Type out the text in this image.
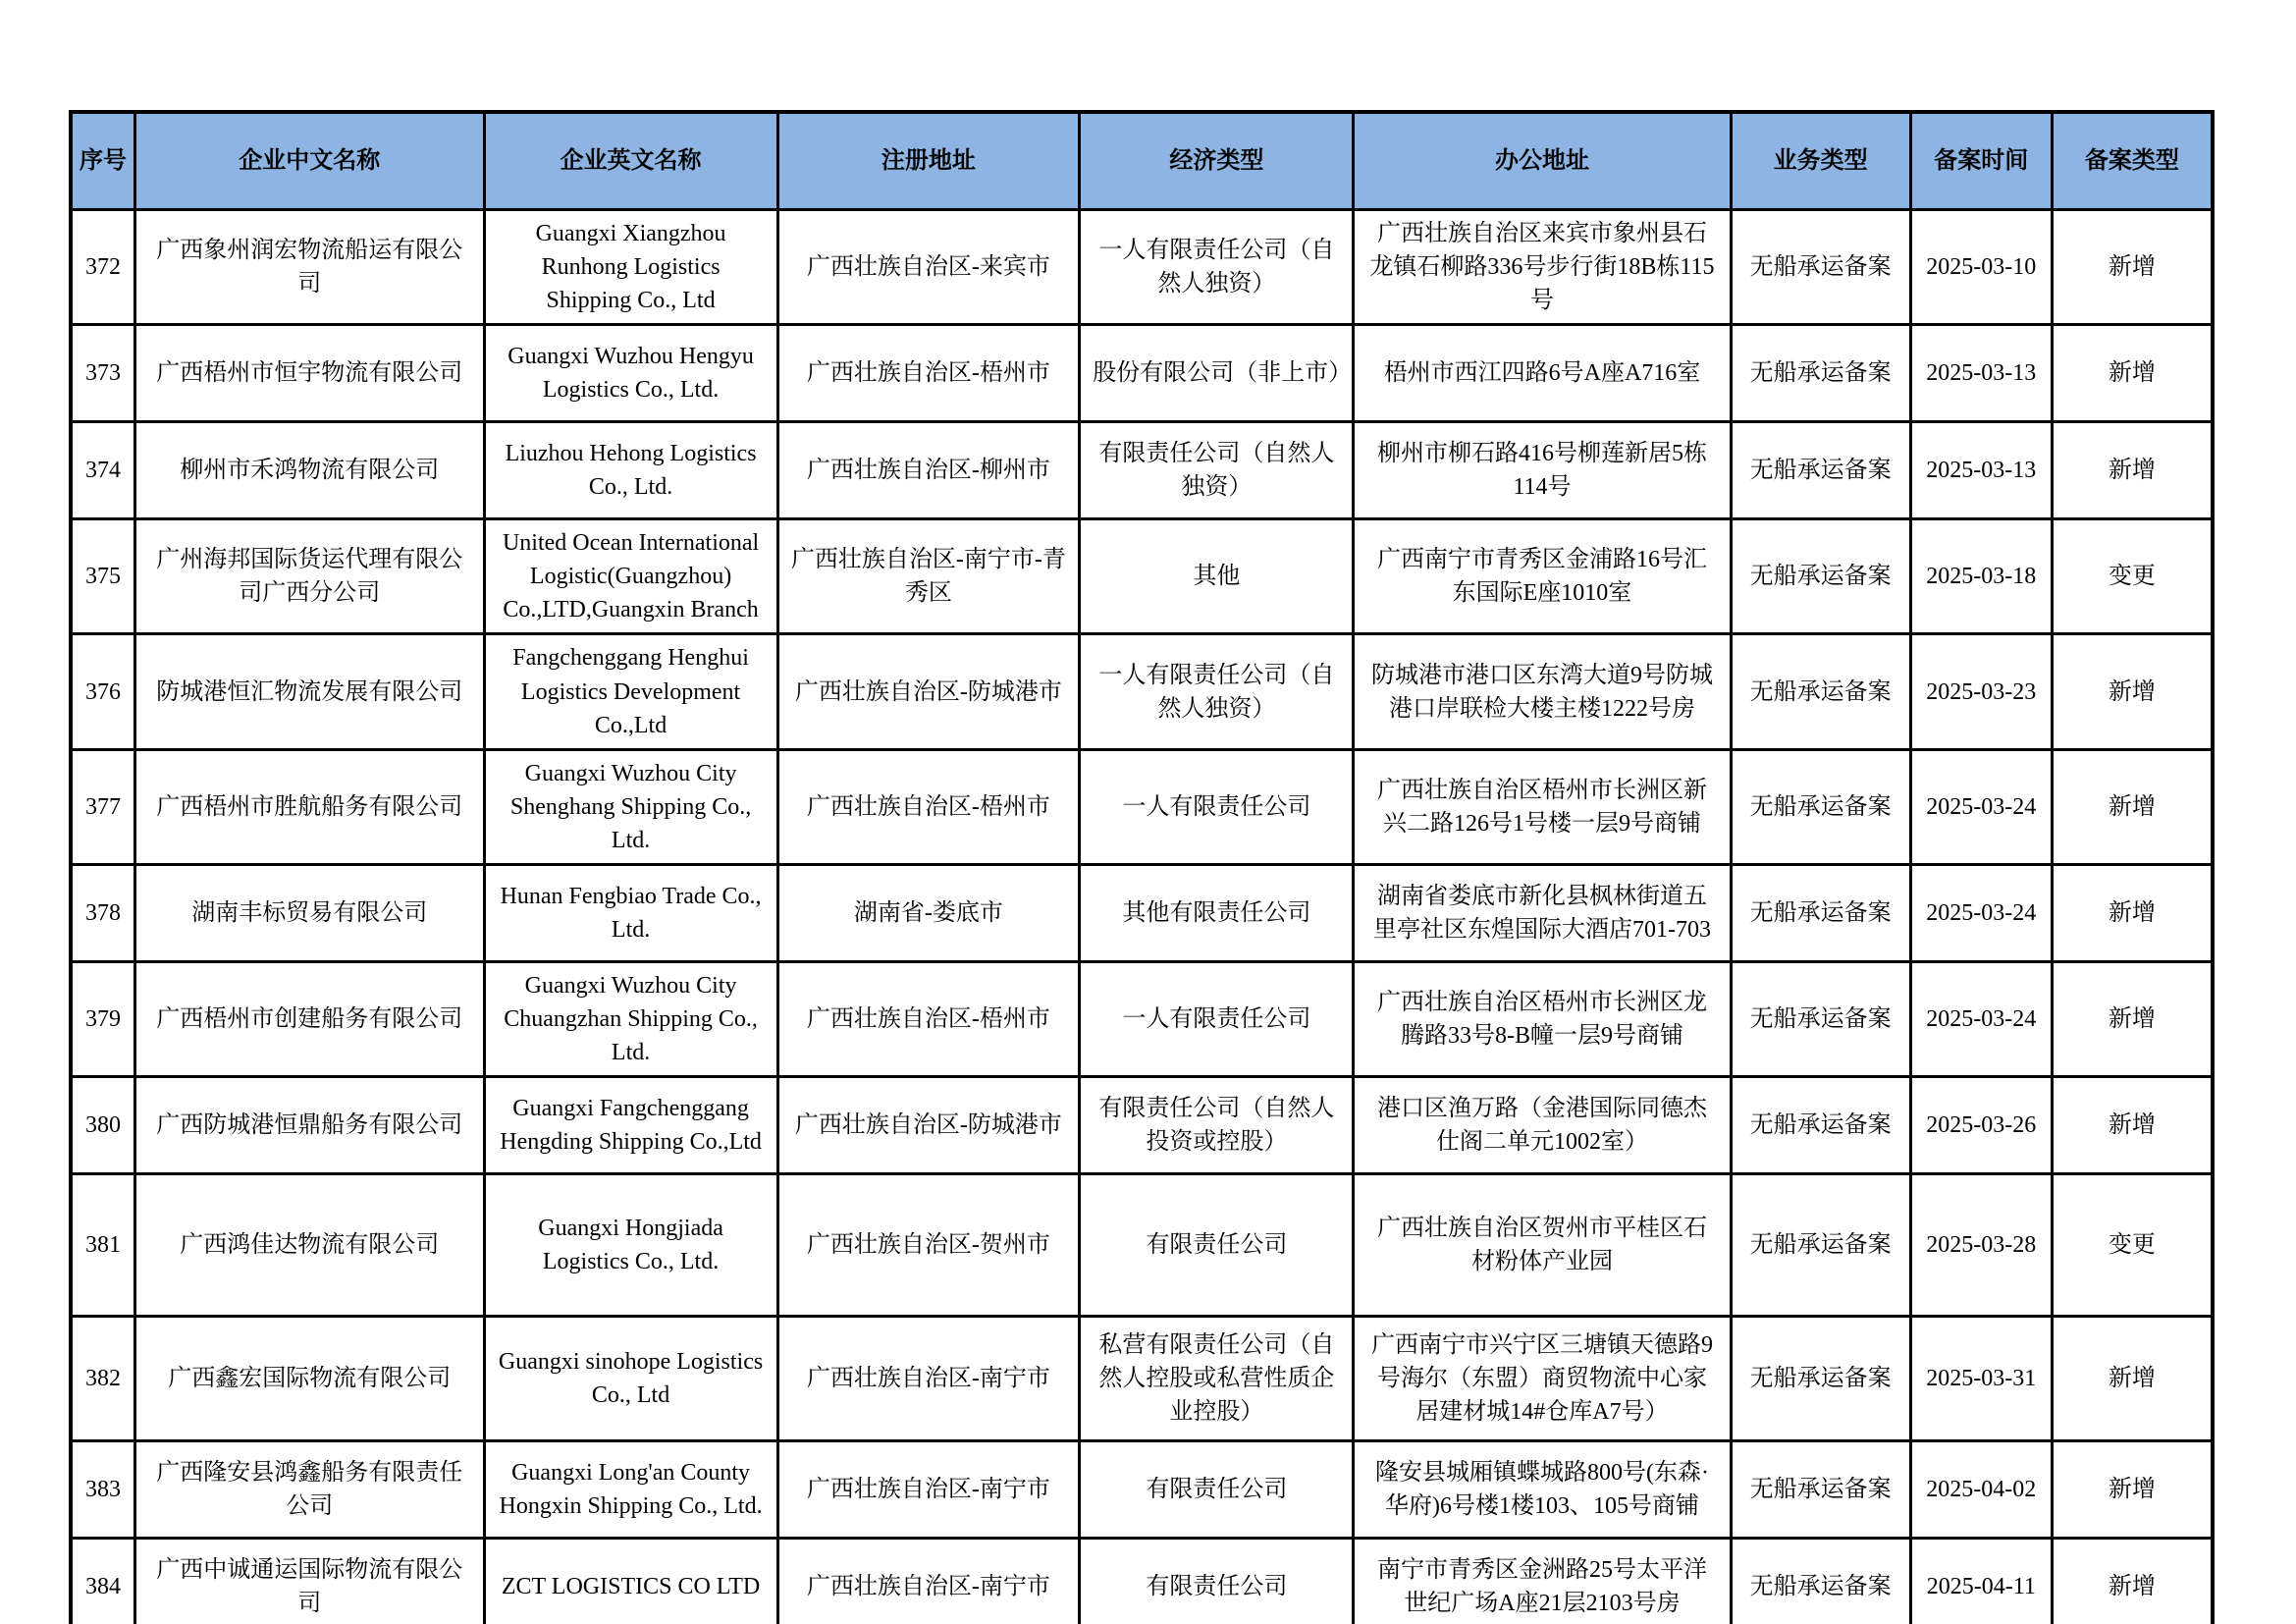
序号	企业中文名称	企业英文名称	注册地址	经济类型	办公地址	业务类型	备案时间	备案类型
372	广西象州润宏物流船运有限公司	Guangxi Xiangzhou Runhong Logistics Shipping Co., Ltd	广西壮族自治区-来宾市	一人有限责任公司（自然人独资）	广西壮族自治区来宾市象州县石龙镇石柳路336号步行街18B栋115号	无船承运备案	2025-03-10	新增
373	广西梧州市恒宇物流有限公司	Guangxi Wuzhou Hengyu Logistics Co., Ltd.	广西壮族自治区-梧州市	股份有限公司（非上市）	梧州市西江四路6号A座A716室	无船承运备案	2025-03-13	新增
374	柳州市禾鸿物流有限公司	Liuzhou Hehong Logistics Co., Ltd.	广西壮族自治区-柳州市	有限责任公司（自然人独资）	柳州市柳石路416号柳莲新居5栋114号	无船承运备案	2025-03-13	新增
375	广州海邦国际货运代理有限公司广西分公司	United Ocean International Logistic(Guangzhou) Co.,LTD,Guangxin Branch	广西壮族自治区-南宁市-青秀区	其他	广西南宁市青秀区金浦路16号汇东国际E座1010室	无船承运备案	2025-03-18	变更
376	防城港恒汇物流发展有限公司	Fangchenggang Henghui Logistics Development Co.,Ltd	广西壮族自治区-防城港市	一人有限责任公司（自然人独资）	防城港市港口区东湾大道9号防城港口岸联检大楼主楼1222号房	无船承运备案	2025-03-23	新增
377	广西梧州市胜航船务有限公司	Guangxi Wuzhou City Shenghang Shipping Co., Ltd.	广西壮族自治区-梧州市	一人有限责任公司	广西壮族自治区梧州市长洲区新兴二路126号1号楼一层9号商铺	无船承运备案	2025-03-24	新增
378	湖南丰标贸易有限公司	Hunan Fengbiao Trade Co., Ltd.	湖南省-娄底市	其他有限责任公司	湖南省娄底市新化县枫林街道五里亭社区东煌国际大酒店701-703	无船承运备案	2025-03-24	新增
379	广西梧州市创建船务有限公司	Guangxi Wuzhou City Chuangzhan Shipping Co., Ltd.	广西壮族自治区-梧州市	一人有限责任公司	广西壮族自治区梧州市长洲区龙腾路33号8-B幢一层9号商铺	无船承运备案	2025-03-24	新增
380	广西防城港恒鼎船务有限公司	Guangxi Fangchenggang Hengding Shipping Co.,Ltd	广西壮族自治区-防城港市	有限责任公司（自然人投资或控股）	港口区渔万路（金港国际同德杰仕阁二单元1002室）	无船承运备案	2025-03-26	新增
381	广西鸿佳达物流有限公司	Guangxi Hongjiada Logistics Co., Ltd.	广西壮族自治区-贺州市	有限责任公司	广西壮族自治区贺州市平桂区石材粉体产业园	无船承运备案	2025-03-28	变更
382	广西鑫宏国际物流有限公司	Guangxi sinohope Logistics Co., Ltd	广西壮族自治区-南宁市	私营有限责任公司（自然人控股或私营性质企业控股）	广西南宁市兴宁区三塘镇天德路9号海尔（东盟）商贸物流中心家居建材城14#仓库A7号）	无船承运备案	2025-03-31	新增
383	广西隆安县鸿鑫船务有限责任公司	Guangxi Long'an County Hongxin Shipping Co., Ltd.	广西壮族自治区-南宁市	有限责任公司	隆安县城厢镇蝶城路800号(东森·华府)6号楼1楼103、105号商铺	无船承运备案	2025-04-02	新增
384	广西中诚通运国际物流有限公司	ZCT LOGISTICS CO LTD	广西壮族自治区-南宁市	有限责任公司	南宁市青秀区金洲路25号太平洋世纪广场A座21层2103号房	无船承运备案	2025-04-11	新增
